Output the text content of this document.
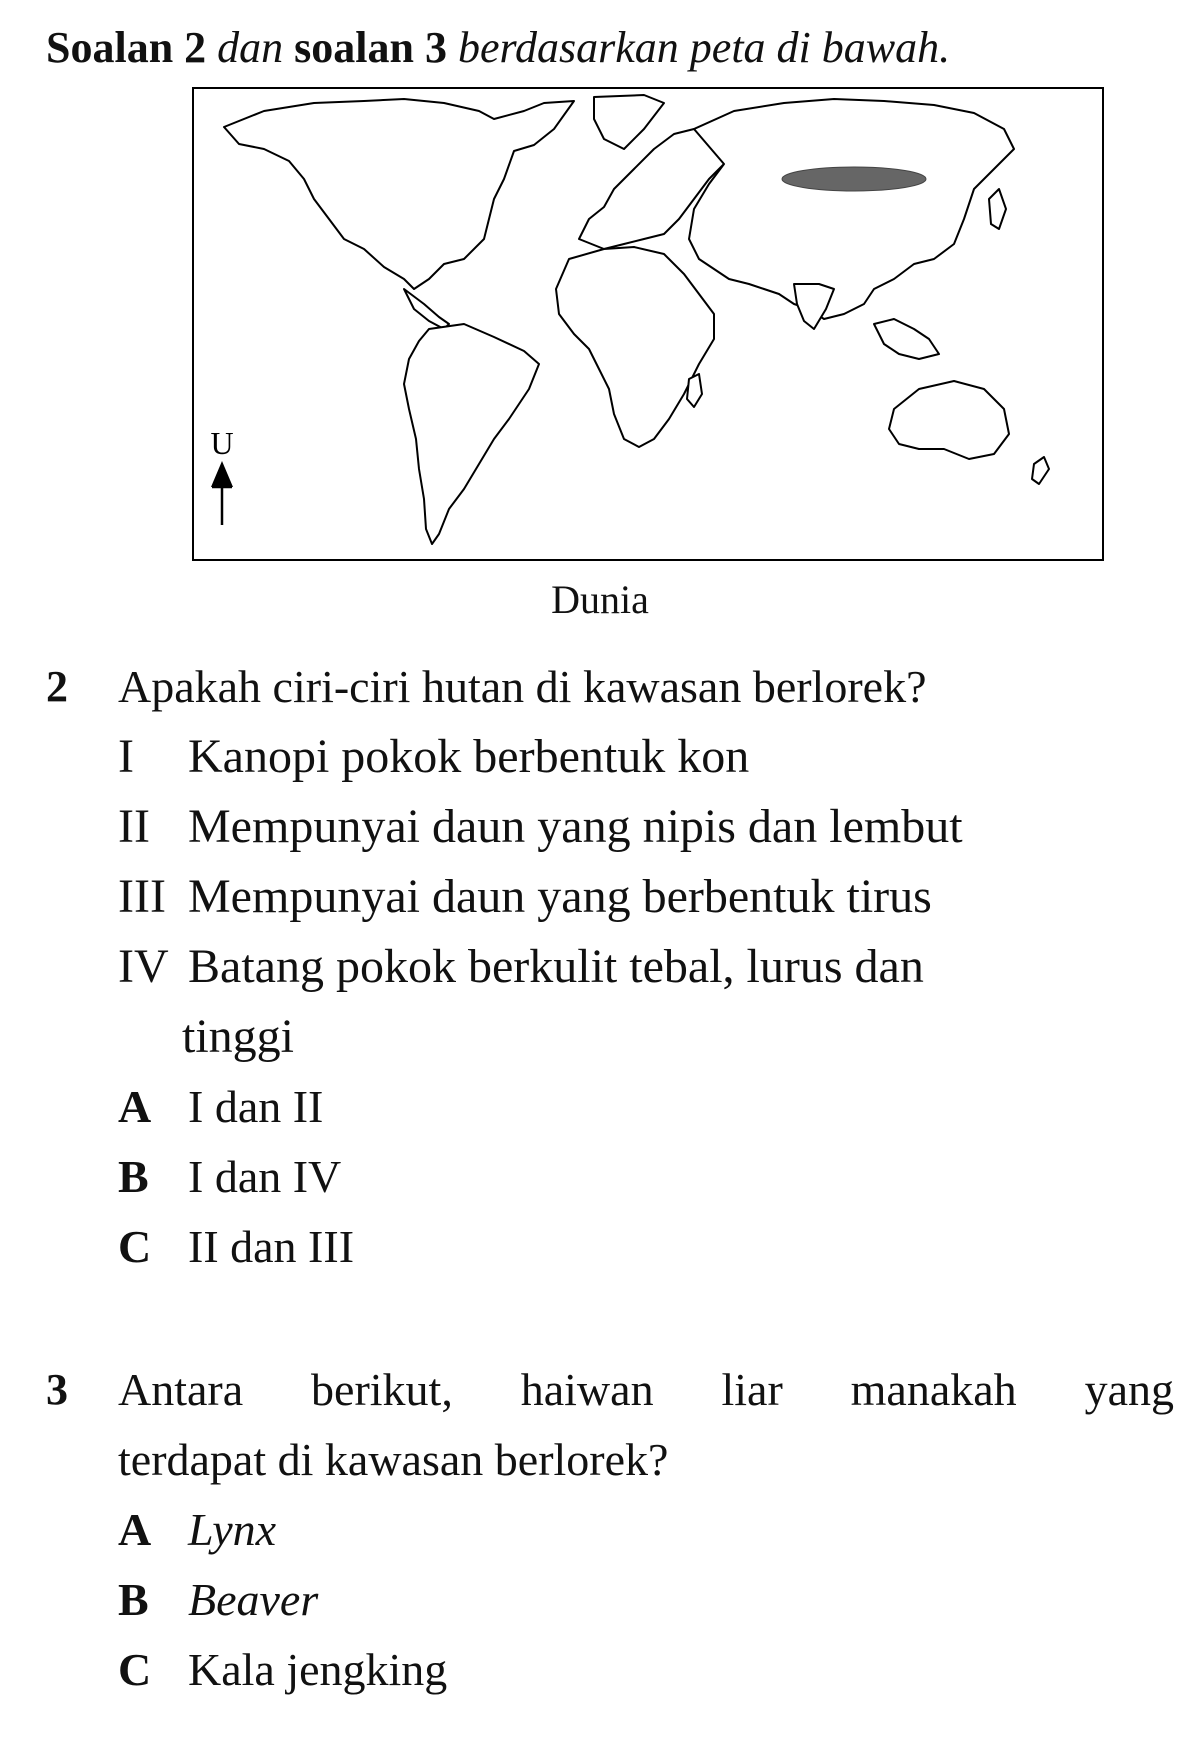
Soalan 2 dan soalan 3 berdasarkan peta di bawah.
U
Dunia
2 Apakah ciri-ciri hutan di kawasan berlorek?
I Kanopi pokok berbentuk kon
II Mempunyai daun yang nipis dan lembut
III Mempunyai daun yang berbentuk tirus
IV Batang pokok berkulit tebal, lurus dan
tinggi
A I dan II
B I dan IV
C II dan III
3 Antara berikut, haiwan liar manakah yang
terdapat di kawasan berlorek?
A Lynx
B Beaver
C Kala jengking
